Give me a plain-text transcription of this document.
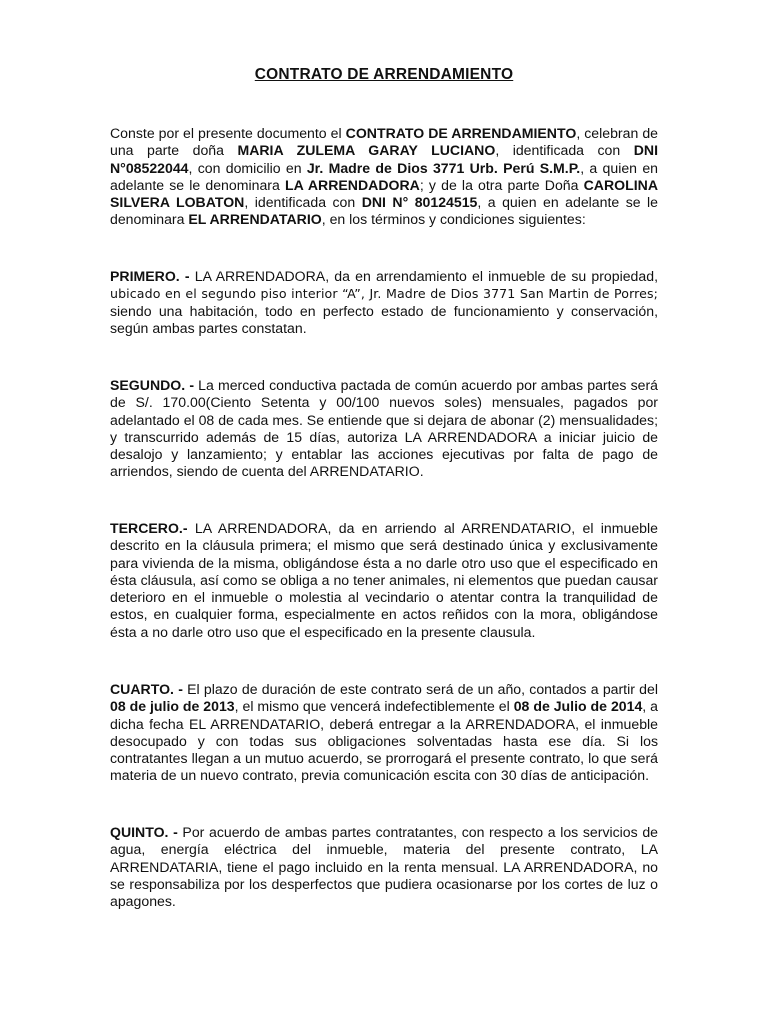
CONTRATO DE ARRENDAMIENTO
Conste por el presente documento el CONTRATO DE ARRENDAMIENTO, celebran de una parte doña MARIA ZULEMA GARAY LUCIANO, identificada con DNI N°08522044, con domicilio en Jr. Madre de Dios 3771 Urb. Perú S.M.P., a quien en adelante se le denominara LA ARRENDADORA; y de la otra parte Doña CAROLINA SILVERA LOBATON, identificada con DNI N° 80124515, a quien en adelante se le denominara EL ARRENDATARIO, en los términos y condiciones siguientes:
PRIMERO. - LA ARRENDADORA, da en arrendamiento el inmueble de su propiedad, ubicado en el segundo piso interior “A”, Jr. Madre de Dios 3771 San Martin de Porres; siendo una habitación, todo en perfecto estado de funcionamiento y conservación, según ambas partes constatan.
SEGUNDO. - La merced conductiva pactada de común acuerdo por ambas partes será de S/. 170.00(Ciento Setenta y 00/100 nuevos soles) mensuales, pagados por adelantado el 08 de cada mes. Se entiende que si dejara de abonar (2) mensualidades; y transcurrido además de 15 días, autoriza LA ARRENDADORA a iniciar juicio de desalojo y lanzamiento; y entablar las acciones ejecutivas por falta de pago de arriendos, siendo de cuenta del ARRENDATARIO.
TERCERO.- LA ARRENDADORA, da en arriendo al ARRENDATARIO, el inmueble descrito en la cláusula primera; el mismo que será destinado única y exclusivamente para vivienda de la misma, obligándose ésta a no darle otro uso que el especificado en ésta cláusula, así como se obliga a no tener animales, ni elementos que puedan causar deterioro en el inmueble o molestia al vecindario o atentar contra la tranquilidad de estos, en cualquier forma, especialmente en actos reñidos con la mora, obligándose ésta a no darle otro uso que el especificado en la presente clausula.
CUARTO. - El plazo de duración de este contrato será de un año, contados a partir del 08 de julio de 2013, el mismo que vencerá indefectiblemente el 08 de Julio de 2014, a dicha fecha EL ARRENDATARIO, deberá entregar a la ARRENDADORA, el inmueble desocupado y con todas sus obligaciones solventadas hasta ese día. Si los contratantes llegan a un mutuo acuerdo, se prorrogará el presente contrato, lo que será materia de un nuevo contrato, previa comunicación escita con 30 días de anticipación.
QUINTO. - Por acuerdo de ambas partes contratantes, con respecto a los servicios de agua, energía eléctrica del inmueble, materia del presente contrato, LA ARRENDATARIA, tiene el pago incluido en la renta mensual. LA ARRENDADORA, no se responsabiliza por los desperfectos que pudiera ocasionarse por los cortes de luz o apagones.
